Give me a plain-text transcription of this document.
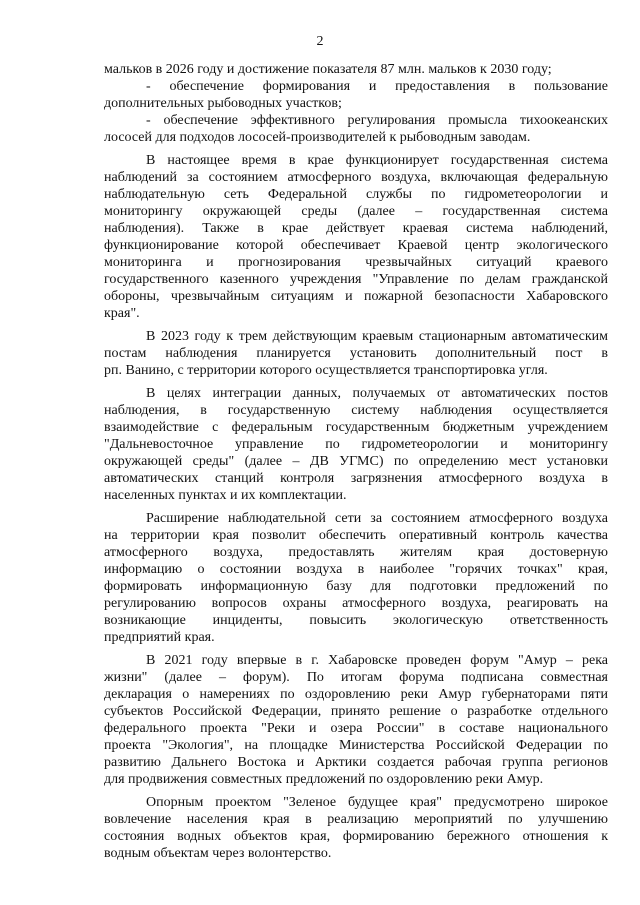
2
мальков в 2026 году и достижение показателя 87 млн. мальков к 2030 году;
- обеспечение формирования и предоставления в пользование
дополнительных рыбоводных участков;
- обеспечение эффективного регулирования промысла тихоокеанских
лососей для подходов лососей-производителей к рыбоводным заводам.
В настоящее время в крае функционирует государственная система
наблюдений за состоянием атмосферного воздуха, включающая федеральную
наблюдательную сеть Федеральной службы по гидрометеорологии и
мониторингу окружающей среды (далее – государственная система
наблюдения). Также в крае действует краевая система наблюдений,
функционирование которой обеспечивает Краевой центр экологического
мониторинга и прогнозирования чрезвычайных ситуаций краевого
государственного казенного учреждения "Управление по делам гражданской
обороны, чрезвычайным ситуациям и пожарной безопасности Хабаровского
края".
В 2023 году к трем действующим краевым стационарным автоматическим
постам наблюдения планируется установить дополнительный пост в
рп. Ванино, с территории которого осуществляется транспортировка угля.
В целях интеграции данных, получаемых от автоматических постов
наблюдения, в государственную систему наблюдения осуществляется
взаимодействие с федеральным государственным бюджетным учреждением
"Дальневосточное управление по гидрометеорологии и мониторингу
окружающей среды" (далее – ДВ УГМС) по определению мест установки
автоматических станций контроля загрязнения атмосферного воздуха в
населенных пунктах и их комплектации.
Расширение наблюдательной сети за состоянием атмосферного воздуха
на территории края позволит обеспечить оперативный контроль качества
атмосферного воздуха, предоставлять жителям края достоверную
информацию о состоянии воздуха в наиболее "горячих точках" края,
формировать информационную базу для подготовки предложений по
регулированию вопросов охраны атмосферного воздуха, реагировать на
возникающие инциденты, повысить экологическую ответственность
предприятий края.
В 2021 году впервые в г. Хабаровске проведен форум "Амур – река
жизни" (далее – форум). По итогам форума подписана совместная
декларация о намерениях по оздоровлению реки Амур губернаторами пяти
субъектов Российской Федерации, принято решение о разработке отдельного
федерального проекта "Реки и озера России" в составе национального
проекта "Экология", на площадке Министерства Российской Федерации по
развитию Дальнего Востока и Арктики создается рабочая группа регионов
для продвижения совместных предложений по оздоровлению реки Амур.
Опорным проектом "Зеленое будущее края" предусмотрено широкое
вовлечение населения края в реализацию мероприятий по улучшению
состояния водных объектов края, формированию бережного отношения к
водным объектам через волонтерство.
